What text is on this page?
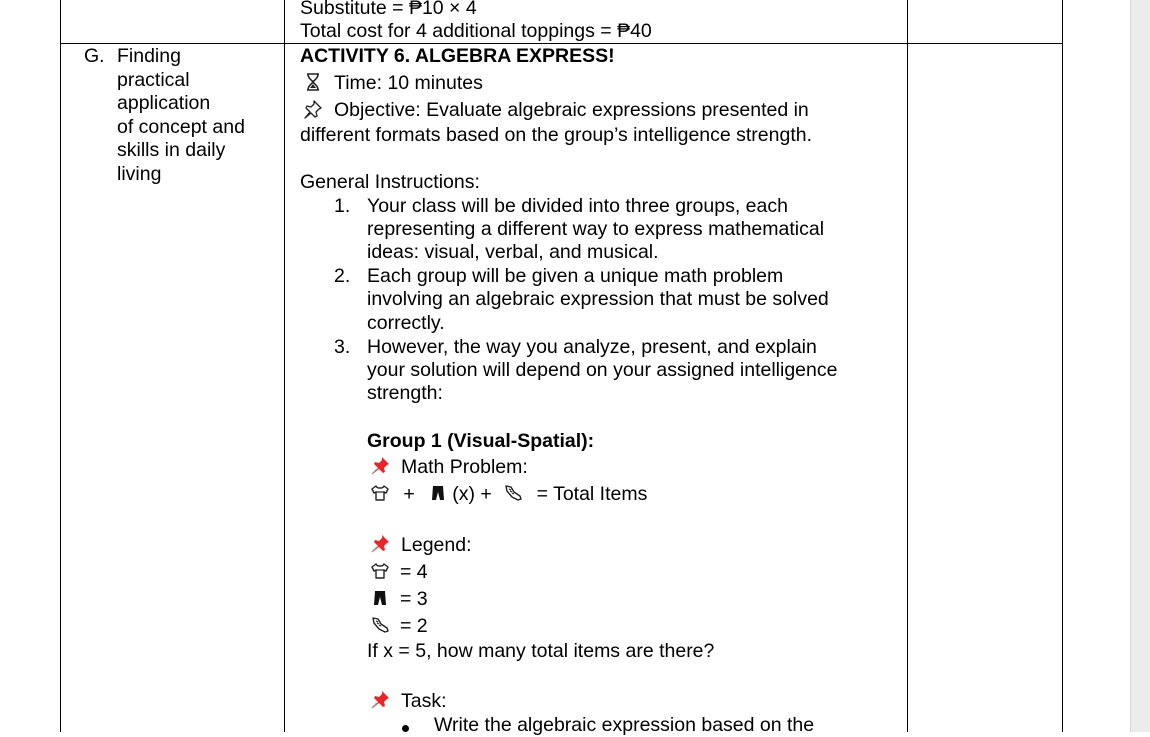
Substitute = ₱10 × 4

Total cost for 4 additional toppings = ₱40

G. Finding

practical

application

of concept and

skills in daily

living

ACTIVITY 6. ALGEBRA EXPRESS!

Time: 10 minutes
Objective: Evaluate algebraic expressions presented in

different formats based on the group’s intelligence strength.

General Instructions:

1. Your class will be divided into three groups, each

representing a different way to express mathematical

ideas: visual, verbal, and musical.

2. Each group will be given a unique math problem

involving an algebraic expression that must be solved

correctly.

3. However, the way you analyze, present, and explain

your solution will depend on your assigned intelligence

strength:

Group 1 (Visual-Spatial):

Math Problem:
+ (x) + = Total Items
Legend:
= 4
= 3
= 2

If x = 5, how many total items are there?

Task:

Write the algebraic expression based on the
